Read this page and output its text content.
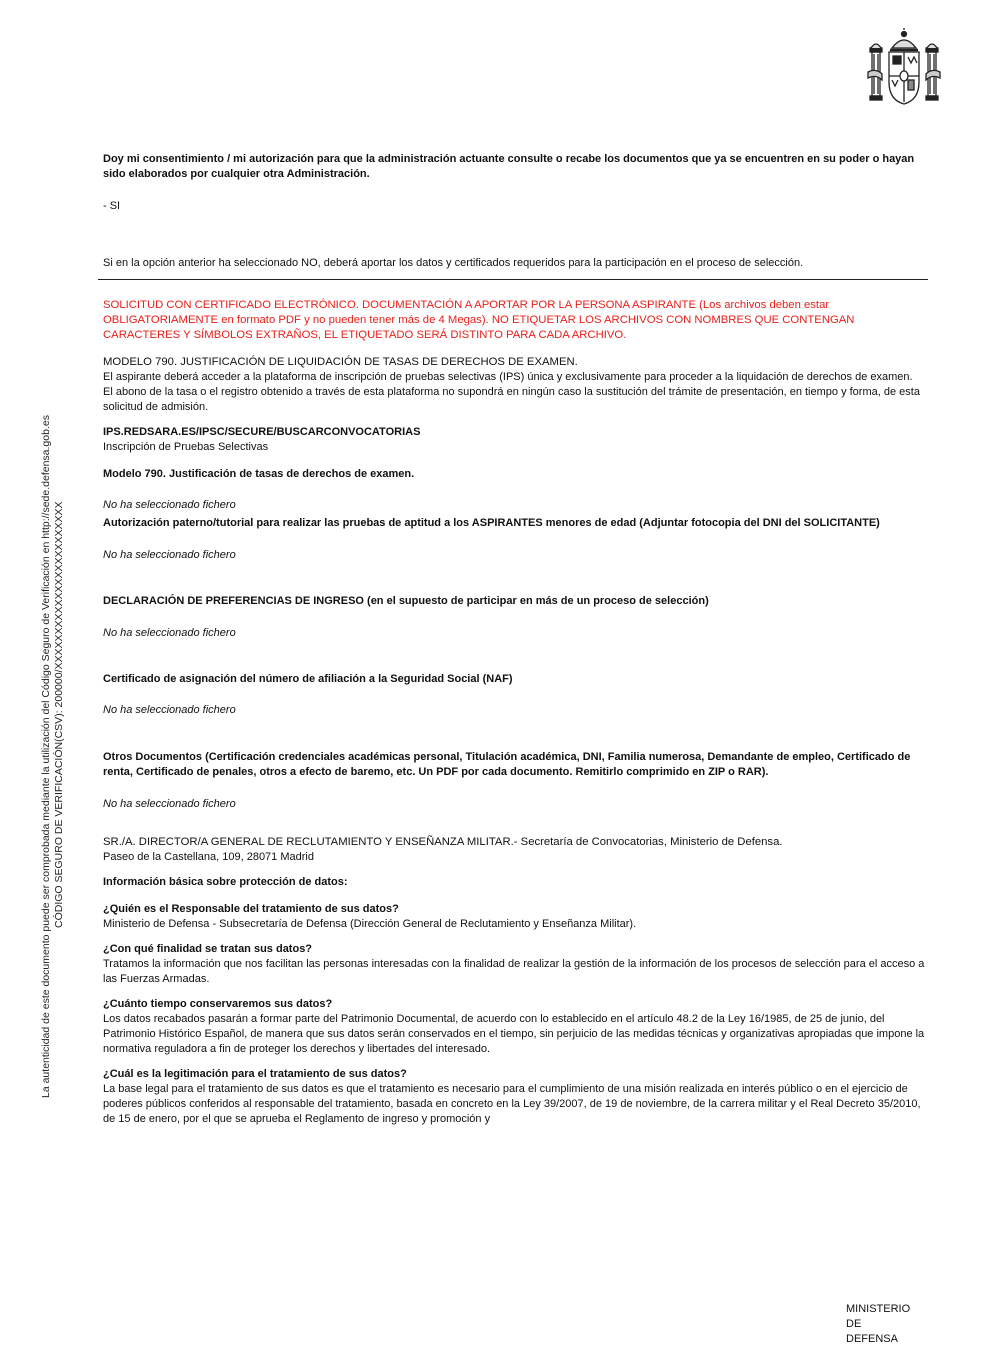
La autenticidad de este documento puede ser comprobada mediante la utilización del Código Seguro de Verificación en http://sede.defensa.gob.es CÓDIGO SEGURO DE VERIFICACIÓN(CSV): 200000/XXXXXXXXXXXXXXXXXXXXXXXX

Doy mi consentimiento / mi autorización para que la administración actuante consulte o recabe los documentos que ya se encuentren en su poder o hayan sido elaborados por cualquier otra Administración.

- SI

Si en la opción anterior ha seleccionado NO, deberá aportar los datos y certificados requeridos para la participación en el proceso de selección.

SOLICITUD CON CERTIFICADO ELECTRÓNICO. DOCUMENTACIÓN A APORTAR POR LA PERSONA ASPIRANTE (Los archivos deben estar OBLIGATORIAMENTE en formato PDF y no pueden tener más de 4 Megas). NO ETIQUETAR LOS ARCHIVOS CON NOMBRES QUE CONTENGAN CARACTERES Y SÍMBOLOS EXTRAÑOS, EL ETIQUETADO SERÁ DISTINTO PARA CADA ARCHIVO.

MODELO 790. JUSTIFICACIÓN DE LIQUIDACIÓN DE TASAS DE DERECHOS DE EXAMEN.

El aspirante deberá acceder a la plataforma de inscripción de pruebas selectivas (IPS) única y exclusivamente para proceder a la liquidación de derechos de examen. El abono de la tasa o el registro obtenido a través de esta plataforma no supondrá en ningún caso la sustitución del trámite de presentación, en tiempo y forma, de esta solicitud de admisión.

IPS.REDSARA.ES/IPSC/SECURE/BUSCARCONVOCATORIAS

Inscripción de Pruebas Selectivas

Modelo 790. Justificación de tasas de derechos de examen.

No ha seleccionado fichero

Autorización paterno/tutorial para realizar las pruebas de aptitud a los ASPIRANTES menores de edad (Adjuntar fotocopia del DNI del SOLICITANTE)

No ha seleccionado fichero

DECLARACIÓN DE PREFERENCIAS DE INGRESO (en el supuesto de participar en más de un proceso de selección)

No ha seleccionado fichero

Certificado de asignación del número de afiliación a la Seguridad Social (NAF)

No ha seleccionado fichero

Otros Documentos (Certificación credenciales académicas personal, Titulación académica, DNI, Familia numerosa, Demandante de empleo, Certificado de renta, Certificado de penales, otros a efecto de baremo, etc. Un PDF por cada documento. Remitirlo comprimido en ZIP o RAR).

No ha seleccionado fichero

SR./A. DIRECTOR/A GENERAL DE RECLUTAMIENTO Y ENSEÑANZA MILITAR.- Secretaría de Convocatorias, Ministerio de Defensa.

Paseo de la Castellana, 109, 28071 Madrid

Información básica sobre protección de datos:

¿Quién es el Responsable del tratamiento de sus datos?

Ministerio de Defensa - Subsecretaría de Defensa (Dirección General de Reclutamiento y Enseñanza Militar).

¿Con qué finalidad se tratan sus datos?

Tratamos la información que nos facilitan las personas interesadas con la finalidad de realizar la gestión de la información de los procesos de selección para el acceso a las Fuerzas Armadas.

¿Cuánto tiempo conservaremos sus datos?

Los datos recabados pasarán a formar parte del Patrimonio Documental, de acuerdo con lo establecido en el artículo 48.2 de la Ley 16/1985, de 25 de junio, del Patrimonio Histórico Español, de manera que sus datos serán conservados en el tiempo, sin perjuicio de las medidas técnicas y organizativas apropiadas que impone la normativa reguladora a fin de proteger los derechos y libertades del interesado.

¿Cuál es la legitimación para el tratamiento de sus datos?

La base legal para el tratamiento de sus datos es que el tratamiento es necesario para el cumplimiento de una misión realizada en interés público o en el ejercicio de poderes públicos conferidos al responsable del tratamiento, basada en concreto en la Ley 39/2007, de 19 de noviembre, de la carrera militar y el Real Decreto 35/2010, de 15 de enero, por el que se aprueba el Reglamento de ingreso y promoción y

MINISTERIO
DE
DEFENSA
